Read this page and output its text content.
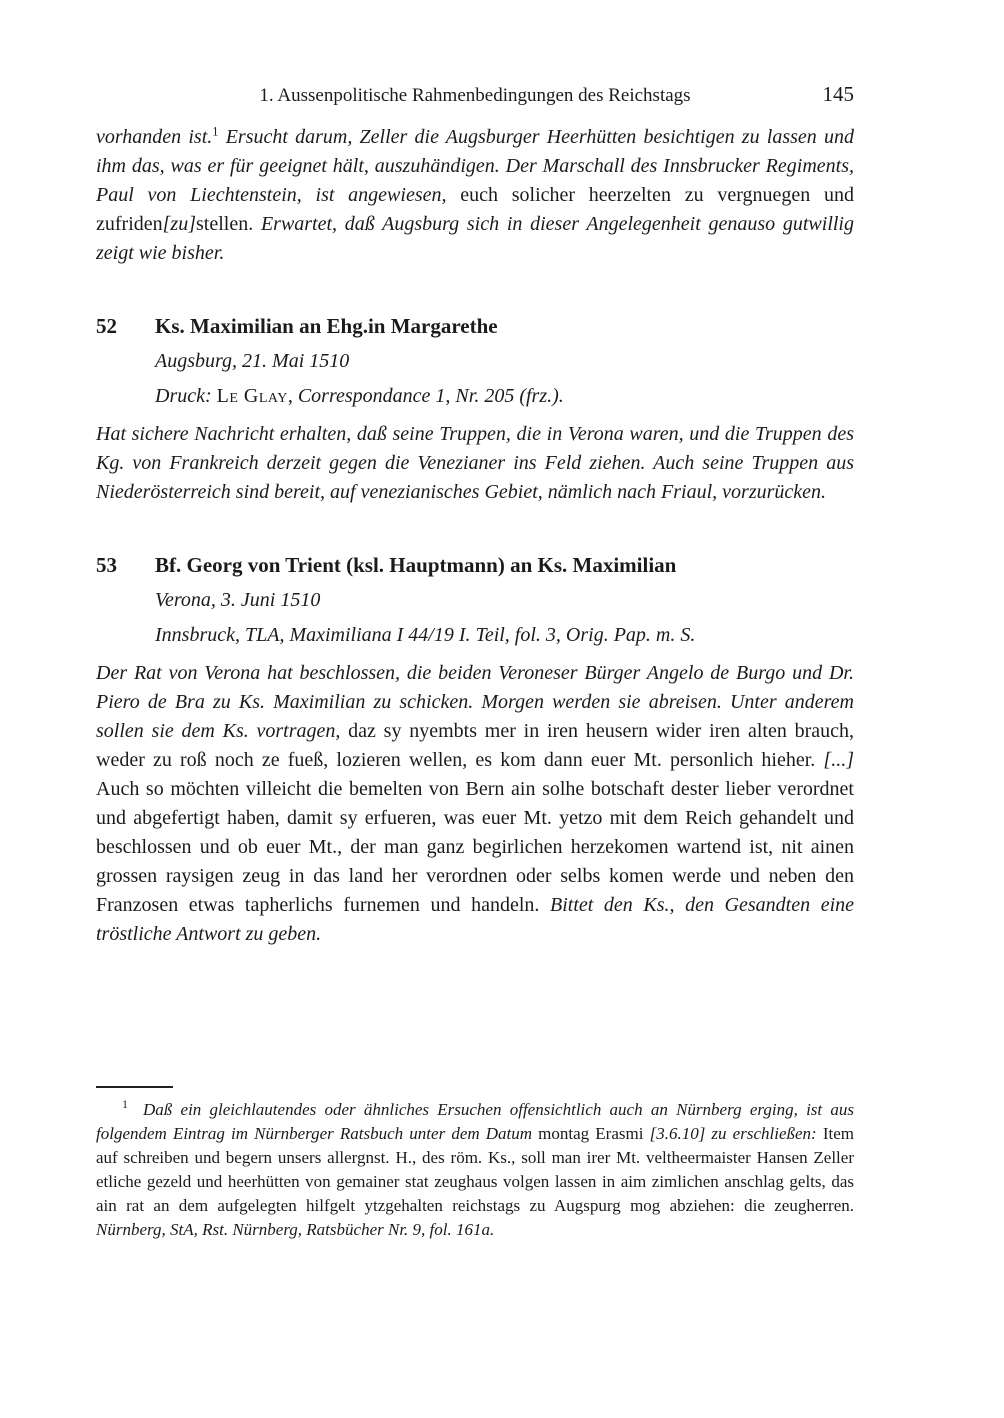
1. Aussenpolitische Rahmenbedingungen des Reichstags	145

vorhanden ist.$^1$ Ersucht darum, Zeller die Augsburger Heerhütten besichtigen zu lassen und ihm das, was er für geeignet hält, auszuhändigen. Der Marschall des Innsbrucker Regiments, Paul von Liechtenstein, ist angewiesen, euch solicher heerzelten zu vergnuegen und zufriden[zu]stellen. Erwartet, daß Augsburg sich in dieser Angelegenheit genauso gutwillig zeigt wie bisher.

52	Ks. Maximilian an Ehg.in Margarethe

Augsburg, 21. Mai 1510

Druck: Le Glay, Correspondance 1, Nr. 205 (frz.).

Hat sichere Nachricht erhalten, daß seine Truppen, die in Verona waren, und die Truppen des Kg. von Frankreich derzeit gegen die Venezianer ins Feld ziehen. Auch seine Truppen aus Niederösterreich sind bereit, auf venezianisches Gebiet, nämlich nach Friaul, vorzurücken.

53	Bf. Georg von Trient (ksl. Hauptmann) an Ks. Maximilian

Verona, 3. Juni 1510

Innsbruck, TLA, Maximiliana I 44/19 I. Teil, fol. 3, Orig. Pap. m. S.

Der Rat von Verona hat beschlossen, die beiden Veroneser Bürger Angelo de Burgo und Dr. Piero de Bra zu Ks. Maximilian zu schicken. Morgen werden sie abreisen. Unter anderem sollen sie dem Ks. vortragen, daz sy nyembts mer in iren heusern wider iren alten brauch, weder zu roß noch ze fueß, lozieren wellen, es kom dann euer Mt. personlich hieher. [...] Auch so möchten villeicht die bemelten von Bern ain solhe botschaft dester lieber verordnet und abgefertigt haben, damit sy erfueren, was euer Mt. yetzo mit dem Reich gehandelt und beschlossen und ob euer Mt., der man ganz begirlichen herzekomen wartend ist, nit ainen grossen raysigen zeug in das land her verordnen oder selbs komen werde und neben den Franzosen etwas tapherlichs furnemen und handeln. Bittet den Ks., den Gesandten eine tröstliche Antwort zu geben.

$^1$ Daß ein gleichlautendes oder ähnliches Ersuchen offensichtlich auch an Nürnberg erging, ist aus folgendem Eintrag im Nürnberger Ratsbuch unter dem Datum montag Erasmi [3.6.10] zu erschließen: Item auf schreiben und begern unsers allergnst. H., des röm. Ks., soll man irer Mt. veltheermaister Hansen Zeller etliche gezeld und heerhütten von gemainer stat zeughaus volgen lassen in aim zimlichen anschlag gelts, das ain rat an dem aufgelegten hilfgelt ytzgehalten reichstags zu Augspurg mog abziehen: die zeugherren. Nürnberg, StA, Rst. Nürnberg, Ratsbücher Nr. 9, fol. 161a.
